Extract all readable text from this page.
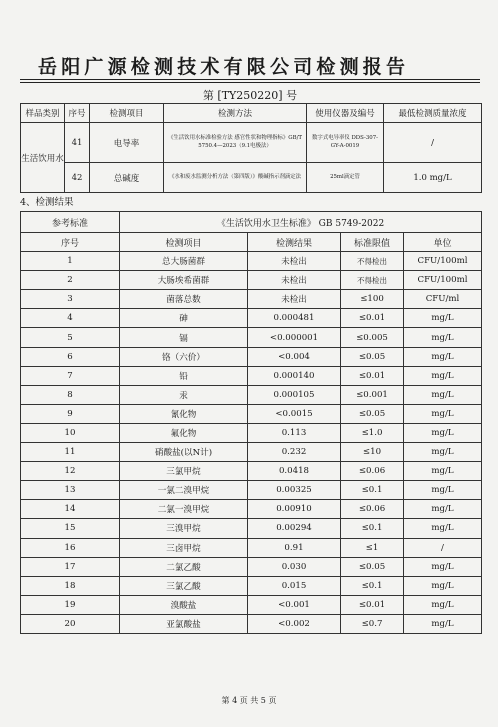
岳阳广源检测技术有限公司检测报告
第 [TY250220] 号
样品类别	序号	检测项目	检测方法	使用仪器及编号	最低检测质量浓度
生活饮用水	41	电导率	《生活饮用水标准检验方法 感官性状和物理指标》GB/T 5750.4—2023（9.1电极法）	数字式电导率仪 DDS-307- GY-A-0019	/
	42	总碱度	《水和废水监测分析方法（第四版）》酸碱指示剂滴定法	25ml滴定管	1.0 mg/L
4、检测结果
参考标准	《生活饮用水卫生标准》 GB 5749-2022			
序号	检测项目	检测结果	标准限值	单位
1	总大肠菌群	未检出	不得检出	CFU/100ml
2	大肠埃希菌群	未检出	不得检出	CFU/100ml
3	菌落总数	未检出	≤100	CFU/ml
4	砷	0.000481	≤0.01	mg/L
5	镉	<0.000001	≤0.005	mg/L
6	铬（六价）	<0.004	≤0.05	mg/L
7	铅	0.000140	≤0.01	mg/L
8	汞	0.000105	≤0.001	mg/L
9	氰化物	<0.0015	≤0.05	mg/L
10	氟化物	0.113	≤1.0	mg/L
11	硝酸盐(以N计)	0.232	≤10	mg/L
12	三氯甲烷	0.0418	≤0.06	mg/L
13	一氯二溴甲烷	0.00325	≤0.1	mg/L
14	二氯一溴甲烷	0.00910	≤0.06	mg/L
15	三溴甲烷	0.00294	≤0.1	mg/L
16	三卤甲烷	0.91	≤1	/
17	二氯乙酸	0.030	≤0.05	mg/L
18	三氯乙酸	0.015	≤0.1	mg/L
19	溴酸盐	<0.001	≤0.01	mg/L
20	亚氯酸盐	<0.002	≤0.7	mg/L
第 4 页 共 5 页
